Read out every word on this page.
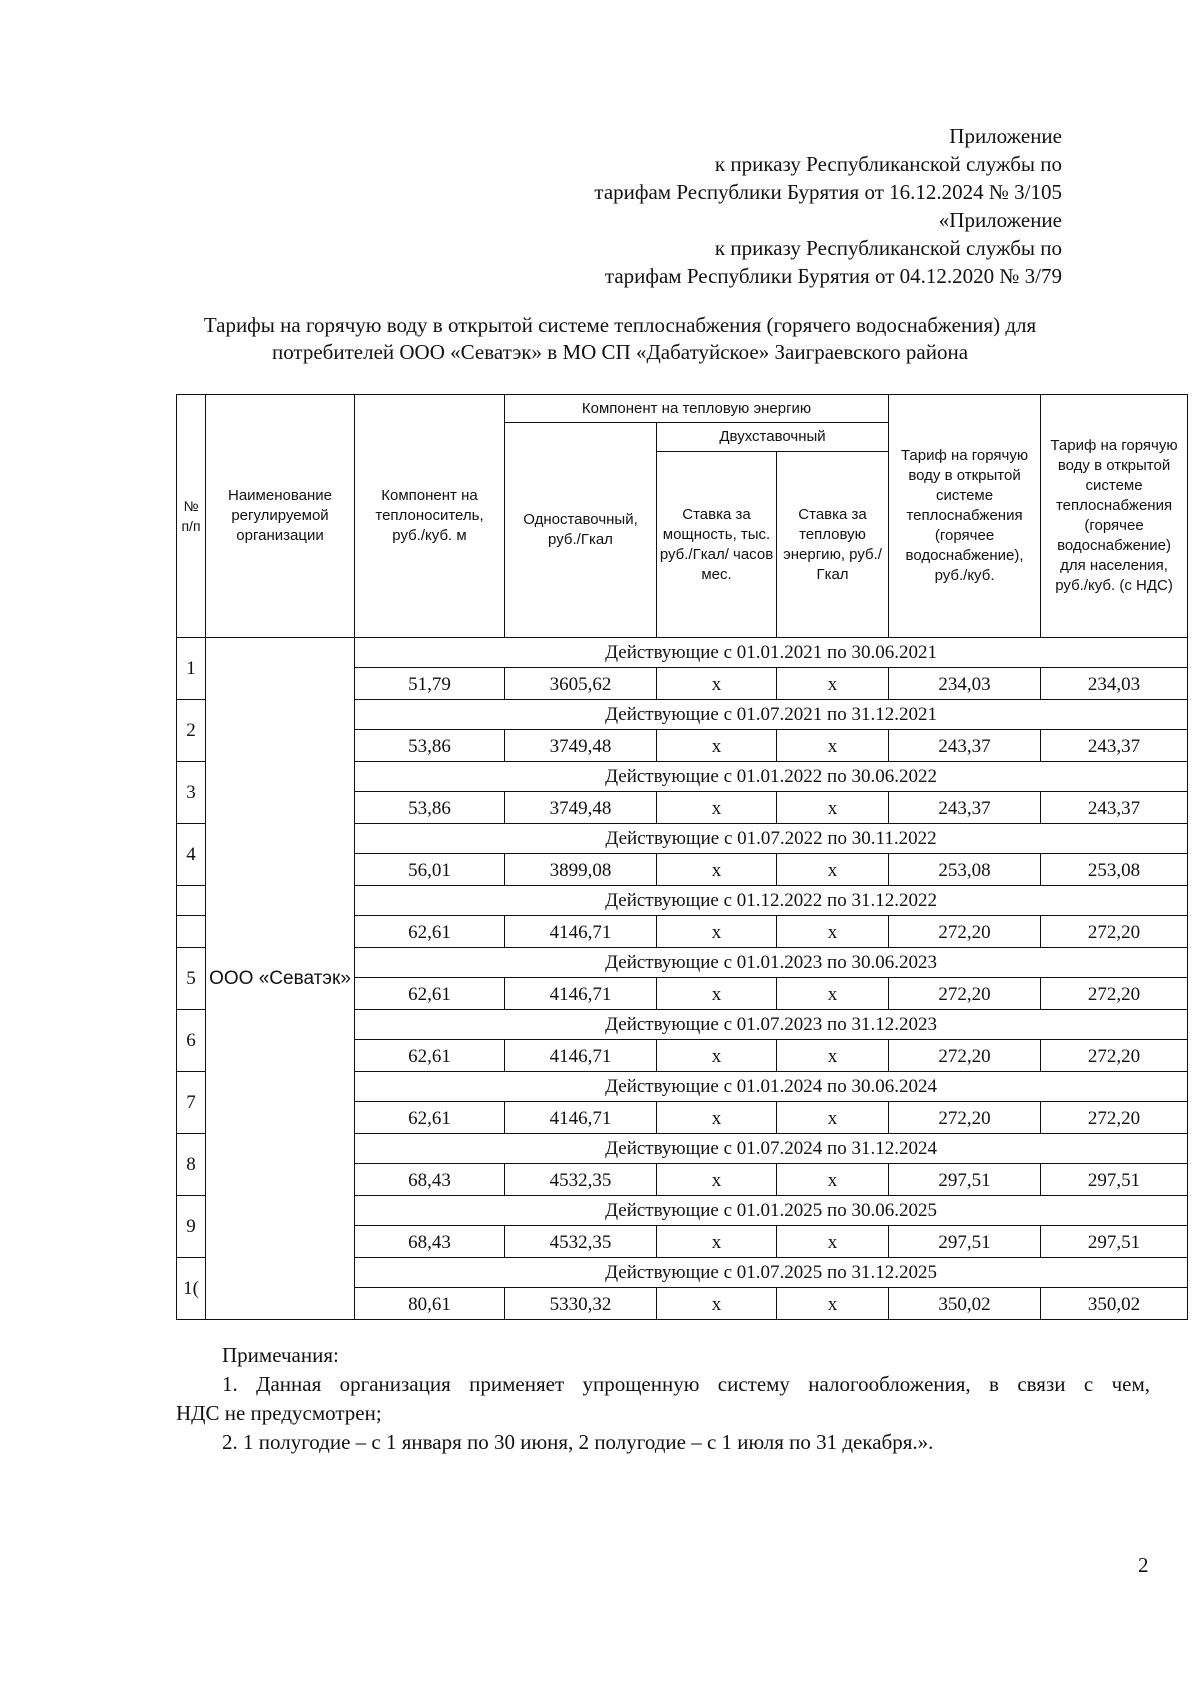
Приложение
к приказу Республиканской службы по
тарифам Республики Бурятия от 16.12.2024 № 3/105
«Приложение
к приказу Республиканской службы по
тарифам Республики Бурятия от 04.12.2020 № 3/79
Тарифы на горячую воду в открытой системе теплоснабжения (горячего водоснабжения) для
потребителей ООО «Севатэк» в МО СП «Дабатуйское» Заиграевского района
№ п/п	Наименование регулируемой организации	Компонент на теплоноситель, руб./куб. м	Компонент на тепловую энергию			Тариф на горячую воду в открытой системе теплоснабжения (горячее водоснабжение), руб./куб.	Тариф на горячую воду в открытой системе теплоснабжения (горячее водоснабжение) для населения, руб./куб. (с НДС)
			Одноставочный, руб./Гкал	Двухставочный			
				Ставка за мощность, тыс. руб./Гкал/ часов мес.	Ставка за тепловую энергию, руб./Гкал		
1	ООО «Севатэк»	Действующие с 01.01.2021 по 30.06.2021					
		51,79	3605,62	х	х	234,03	234,03
2		Действующие с 01.07.2021 по 31.12.2021					
		53,86	3749,48	х	х	243,37	243,37
3		Действующие с 01.01.2022 по 30.06.2022					
		53,86	3749,48	х	х	243,37	243,37
4		Действующие с 01.07.2022 по 30.11.2022					
		56,01	3899,08	х	х	253,08	253,08
		Действующие с 01.12.2022 по 31.12.2022					
		62,61	4146,71	х	х	272,20	272,20
5		Действующие с 01.01.2023 по 30.06.2023					
		62,61	4146,71	х	х	272,20	272,20
6		Действующие с 01.07.2023 по 31.12.2023					
		62,61	4146,71	х	х	272,20	272,20
7		Действующие с 01.01.2024 по 30.06.2024					
		62,61	4146,71	х	х	272,20	272,20
8		Действующие с 01.07.2024 по 31.12.2024					
		68,43	4532,35	х	х	297,51	297,51
9		Действующие с 01.01.2025 по 30.06.2025					
		68,43	4532,35	х	х	297,51	297,51
1(		Действующие с 01.07.2025 по 31.12.2025					
		80,61	5330,32	х	х	350,02	350,02
Примечания:
1. Данная организация применяет упрощенную систему налогообложения, в связи с чем,
НДС не предусмотрен;
2. 1 полугодие – с 1 января по 30 июня, 2 полугодие – с 1 июля по 31 декабря.».
2
